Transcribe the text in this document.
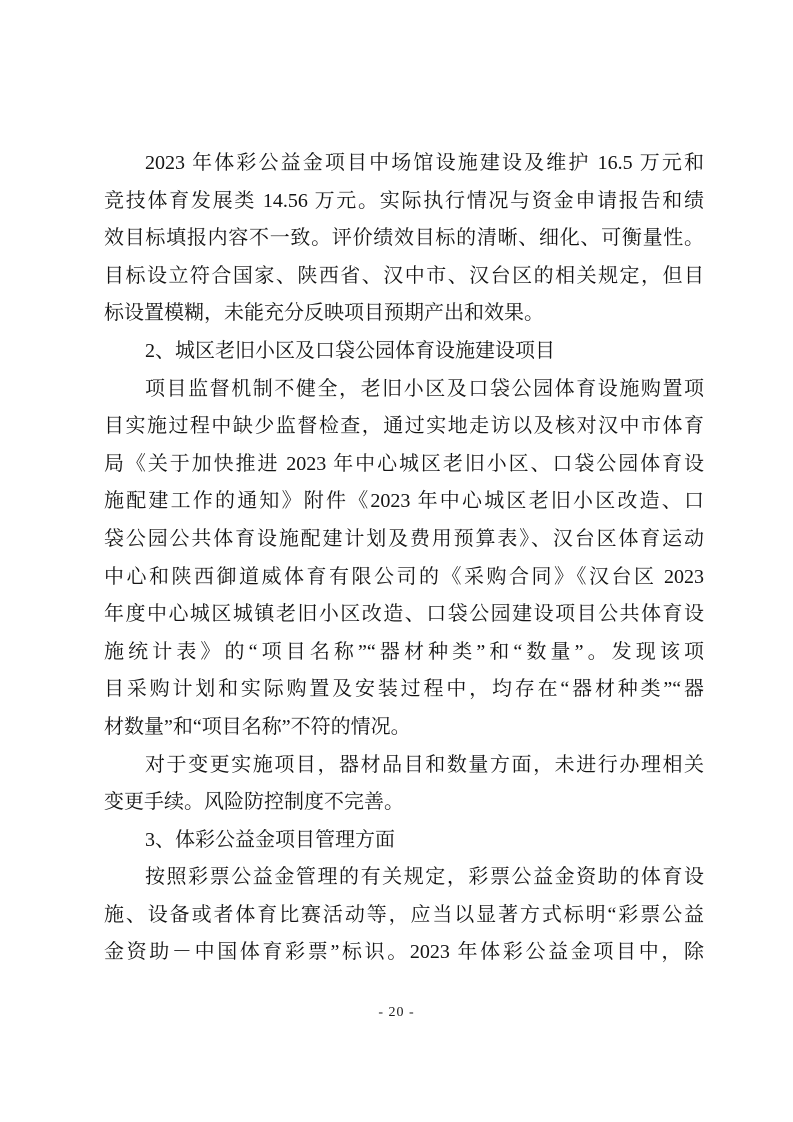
2023 年体彩公益金项目中场馆设施建设及维护 16.5 万元和
竞技体育发展类 14.56 万元。实际执行情况与资金申请报告和绩
效目标填报内容不一致。评价绩效目标的清晰、细化、可衡量性。
目标设立符合国家、陕西省、汉中市、汉台区的相关规定，但目
标设置模糊，未能充分反映项目预期产出和效果。
2、城区老旧小区及口袋公园体育设施建设项目
项目监督机制不健全，老旧小区及口袋公园体育设施购置项
目实施过程中缺少监督检查，通过实地走访以及核对汉中市体育
局《关于加快推进 2023 年中心城区老旧小区、口袋公园体育设
施配建工作的通知》附件《2023 年中心城区老旧小区改造、口
袋公园公共体育设施配建计划及费用预算表》、汉台区体育运动
中心和陕西御道威体育有限公司的《采购合同》《汉台区 2023
年度中心城区城镇老旧小区改造、口袋公园建设项目公共体育设
施统计表》的“项目名称”“器材种类”和“数量”。发现该项
目采购计划和实际购置及安装过程中，均存在“器材种类”“器
材数量”和“项目名称”不符的情况。
对于变更实施项目，器材品目和数量方面，未进行办理相关
变更手续。风险防控制度不完善。
3、体彩公益金项目管理方面
按照彩票公益金管理的有关规定，彩票公益金资助的体育设
施、设备或者体育比赛活动等，应当以显著方式标明“彩票公益
金资助－中国体育彩票”标识。2023 年体彩公益金项目中，除
- 20 -
